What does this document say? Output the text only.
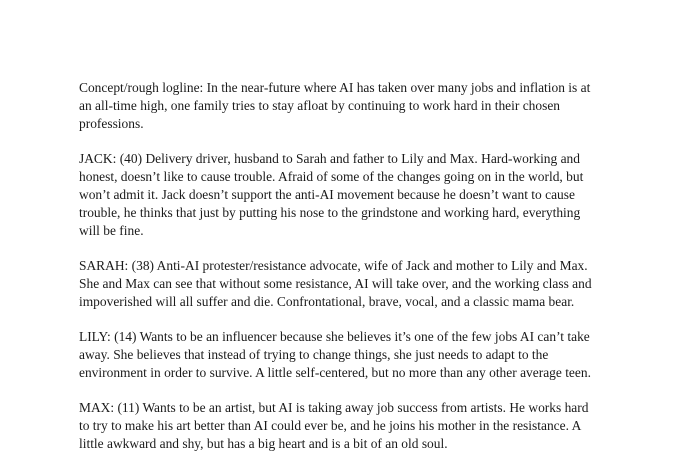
Concept/rough logline: In the near-future where AI has taken over many jobs and inflation is at
an all-time high, one family tries to stay afloat by continuing to work hard in their chosen
professions.

JACK: (40) Delivery driver, husband to Sarah and father to Lily and Max. Hard-working and
honest, doesn’t like to cause trouble. Afraid of some of the changes going on in the world, but
won’t admit it. Jack doesn’t support the anti-AI movement because he doesn’t want to cause
trouble, he thinks that just by putting his nose to the grindstone and working hard, everything
will be fine.

SARAH: (38) Anti-AI protester/resistance advocate, wife of Jack and mother to Lily and Max.
She and Max can see that without some resistance, AI will take over, and the working class and
impoverished will all suffer and die. Confrontational, brave, vocal, and a classic mama bear.

LILY: (14) Wants to be an influencer because she believes it’s one of the few jobs AI can’t take
away. She believes that instead of trying to change things, she just needs to adapt to the
environment in order to survive. A little self-centered, but no more than any other average teen.

MAX: (11) Wants to be an artist, but AI is taking away job success from artists. He works hard
to try to make his art better than AI could ever be, and he joins his mother in the resistance. A
little awkward and shy, but has a big heart and is a bit of an old soul.
